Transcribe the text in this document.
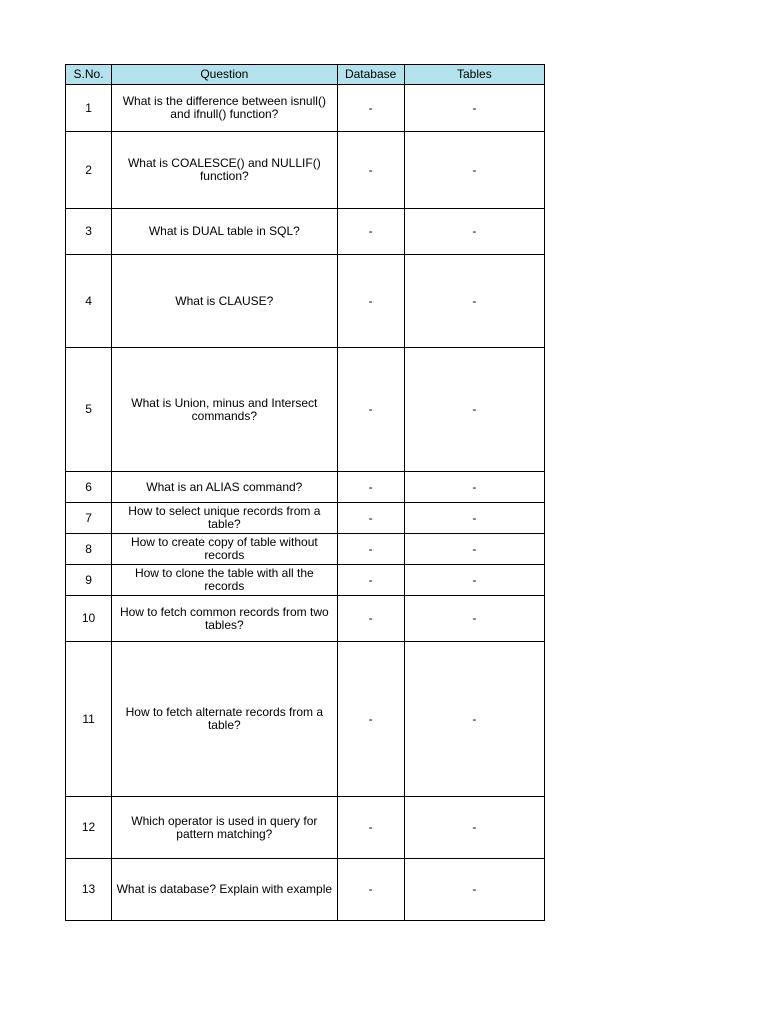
S.No.	Question	Database	Tables
1	What is the difference between isnull() and ifnull() function?	-	-
2	What is COALESCE() and NULLIF() function?	-	-
3	What is DUAL table in SQL?	-	-
4	What is CLAUSE?	-	-
5	What is Union, minus and Intersect commands?	-	-
6	What is an ALIAS command?	-	-
7	How to select unique records from a table?	-	-
8	How to create copy of table without records	-	-
9	How to clone the table with all the records	-	-
10	How to fetch common records from two tables?	-	-
11	How to fetch alternate records from a table?	-	-
12	Which operator is used in query for pattern matching?	-	-
13	What is database? Explain with example	-	-
